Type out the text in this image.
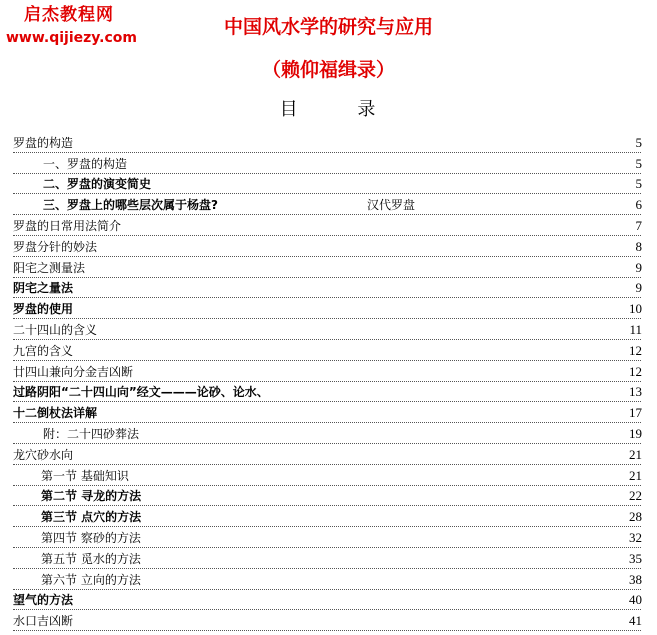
启杰教程网
www.qijiezy.com	中国风水学的研究与应用
（赖仰福缉录）
目 录
罗盘的构造	5
一、罗盘的构造	5
二、罗盘的演变简史	5
三、罗盘上的哪些层次属于杨盘?	汉代罗盘	6
罗盘的日常用法简介	7
罗盘分针的妙法	8
阳宅之测量法	9
阴宅之量法	9
罗盘的使用	10
二十四山的含义	11
九宫的含义	12
廿四山兼向分金吉凶断	12
过路阴阳“二十四山向”经文———论砂、论水、	13
十二倒杖法详解	17
附：二十四砂葬法	19
龙穴砂水向	21
第一节 基础知识	21
第二节 寻龙的方法	22
第三节 点穴的方法	28
第四节 察砂的方法	32
第五节 觅水的方法	35
第六节 立向的方法	38
望气的方法	40
水口吉凶断	41
